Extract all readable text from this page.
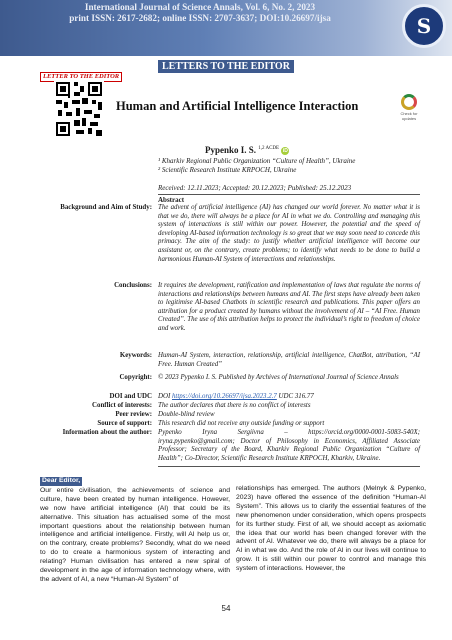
International Journal of Science Annals, Vol. 6, No. 2, 2023
print ISSN: 2617-2682; online ISSN: 2707-3637; DOI:10.26697/ijsa	S
LETTERS TO THE EDITOR
LETTER TO THE EDITOR
Human and Artificial Intelligence Interaction
Check for updates
Pypenko I. S. $^{1,2 ACDE}$ iD
¹ Kharkiv Regional Public Organization “Culture of Health”, Ukraine
² Scientific Research Institute KRPOCH, Ukraine
Received: 12.11.2023; Accepted: 20.12.2023; Published: 25.12.2023
Abstract
Background and Aim of Study: The advent of artificial intelligence (AI) has changed our world forever. No matter what it is that we do, there will always be a place for AI in what we do. Controlling and managing this system of interactions is still within our power. However, the potential and the speed of developing AI-based information technology is so great that we may soon need to concede this primacy. The aim of the study: to justify whether artificial intelligence will become our assistant or, on the contrary, create problems; to identify what needs to be done to build a harmonious Human-AI System of interactions and relationships.
Conclusions: It requires the development, ratification and implementation of laws that regulate the norms of interactions and relationships between humans and AI. The first steps have already been taken to legitimise AI-based Chatbots in scientific research and publications. This paper offers an attribution for a product created by humans without the involvement of AI – “AI Free. Human Created”. The use of this attribution helps to protect the individual’s right to freedom of choice and work.
Keywords: Human-AI System, interaction, relationship, artificial intelligence, ChatBot, attribution, “AI Free. Human Created”
Copyright: © 2023 Pypenko I. S. Published by Archives of International Journal of Science Annals
DOI and UDC DOI https://doi.org/10.26697/ijsa.2023.2.7 UDC 316.77
Conflict of interests: The author declares that there is no conflict of interests
Peer review: Double-blind review
Source of support: This research did not receive any outside funding or support
Information about the author: Pypenko Iryna Sergiivna – https://orcid.org/0000-0001-5083-540X; iryna.pypenko@gmail.com; Doctor of Philosophy in Economics, Affiliated Associate Professor; Secretary of the Board, Kharkiv Regional Public Organization “Culture of Health”; Co-Director, Scientific Research Institute KRPOCH, Kharkiv, Ukraine.
Dear Editor,
Our entire civilisation, the achievements of science and culture, have been created by human intelligence. However, we now have artificial intelligence (AI) that could be its alternative. This situation has actualised some of the most important questions about the relationship between human intelligence and artificial intelligence. Firstly, will AI help us or, on the contrary, create problems? Secondly, what do we need to do to create a harmonious system of interacting and relating? Human civilisation has entered a new spiral of development in the age of information technology where, with the advent of AI, a new “Human-AI System” of
relationships has emerged. The authors (Melnyk & Pypenko, 2023) have offered the essence of the definition “Human-AI System”. This allows us to clarify the essential features of the new phenomenon under consideration, which opens prospects for its further study. First of all, we should accept as axiomatic the idea that our world has been changed forever with the advent of AI. Whatever we do, there will always be a place for AI in what we do. And the role of AI in our lives will continue to grow. It is still within our power to control and manage this system of interactions. However, the
54
